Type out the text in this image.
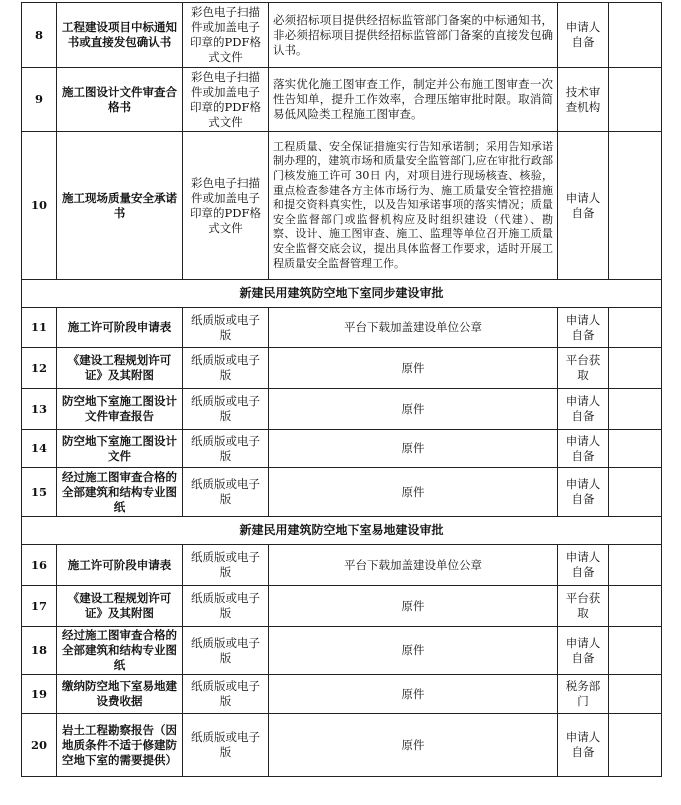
8	工程建设项目中标通知书或直接发包确认书	彩色电子扫描件或加盖电子印章的PDF格式文件	必须招标项目提供经招标监管部门备案的中标通知书，非必须招标项目提供经招标监管部门备案的直接发包确认书。	申请人自备	
9	施工图设计文件审查合格书	彩色电子扫描件或加盖电子印章的PDF格式文件	落实优化施工图审查工作，制定并公布施工图审查一次性告知单，提升工作效率，合理压缩审批时限。取消简易低风险类工程施工图审查。	技术审查机构	
10	施工现场质量安全承诺书	彩色电子扫描件或加盖电子印章的PDF格式文件	工程质量、安全保证措施实行告知承诺制；采用告知承诺制办理的，建筑市场和质量安全监管部门,应在审批行政部门核发施工许可 30日 内，对项目进行现场核查、核验，重点检查参建各方主体市场行为、施工质量安全管控措施和提交资料真实性，以及告知承诺事项的落实情况；质量安全监督部门或监督机构应及时组织建设（代建）、勘察、设计、施工图审查、施工、监理等单位召开施工质量安全监督交底会议，提出具体监督工作要求，适时开展工程质量安全监督管理工作。	申请人自备	
新建民用建筑防空地下室同步建设审批					
11	施工许可阶段申请表	纸质版或电子版	平台下载加盖建设单位公章	申请人自备	
12	《建设工程规划许可证》及其附图	纸质版或电子版	原件	平台获取	
13	防空地下室施工图设计文件审查报告	纸质版或电子版	原件	申请人自备	
14	防空地下室施工图设计文件	纸质版或电子版	原件	申请人自备	
15	经过施工图审查合格的全部建筑和结构专业图纸	纸质版或电子版	原件	申请人自备	
新建民用建筑防空地下室易地建设审批					
16	施工许可阶段申请表	纸质版或电子版	平台下载加盖建设单位公章	申请人自备	
17	《建设工程规划许可证》及其附图	纸质版或电子版	原件	平台获取	
18	经过施工图审查合格的全部建筑和结构专业图纸	纸质版或电子版	原件	申请人自备	
19	缴纳防空地下室易地建设费收据	纸质版或电子版	原件	税务部门	
20	岩土工程勘察报告（因地质条件不适于修建防空地下室的需要提供）	纸质版或电子版	原件	申请人自备	
